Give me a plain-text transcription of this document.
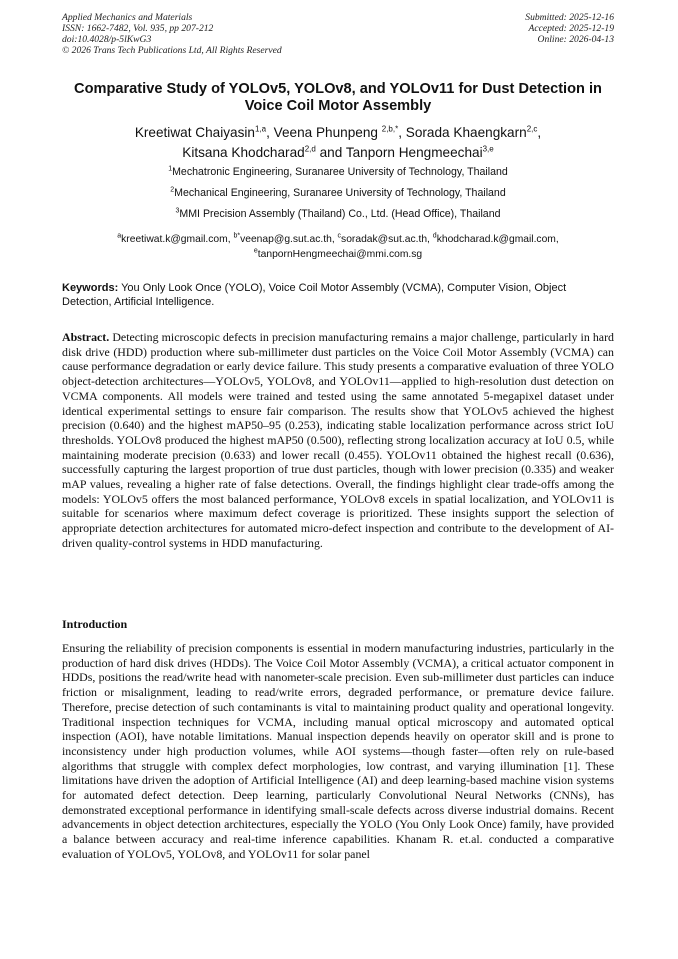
Applied Mechanics and Materials
ISSN: 1662-7482, Vol. 935, pp 207-212
doi:10.4028/p-5lKwG3
© 2026 Trans Tech Publications Ltd, All Rights Reserved
Submitted: 2025-12-16
Accepted: 2025-12-19
Online: 2026-04-13
Comparative Study of YOLOv5, YOLOv8, and YOLOv11 for Dust Detection in Voice Coil Motor Assembly
Kreetiwat Chaiyasin$^{1,a}$, Veena Phunpeng $^{2,b,*}$, Sorada Khaengkarn$^{2,c}$,
Kitsana Khodcharad$^{2,d}$ and Tanporn Hengmeechai$^{3,e}$
$^1$Mechatronic Engineering, Suranaree University of Technology, Thailand
$^2$Mechanical Engineering, Suranaree University of Technology, Thailand
$^3$MMI Precision Assembly (Thailand) Co., Ltd. (Head Office), Thailand
$^a$kreetiwat.k@gmail.com, $^{b*}$veenap@g.sut.ac.th, $^c$soradak@sut.ac.th, $^d$khodcharad.k@gmail.com,
$^e$tanpornHengmeechai@mmi.com.sg
Keywords: You Only Look Once (YOLO), Voice Coil Motor Assembly (VCMA), Computer Vision, Object Detection, Artificial Intelligence.
Abstract. Detecting microscopic defects in precision manufacturing remains a major challenge, particularly in hard disk drive (HDD) production where sub-millimeter dust particles on the Voice Coil Motor Assembly (VCMA) can cause performance degradation or early device failure. This study presents a comparative evaluation of three YOLO object-detection architectures—YOLOv5, YOLOv8, and YOLOv11—applied to high-resolution dust detection on VCMA components. All models were trained and tested using the same annotated 5-megapixel dataset under identical experimental settings to ensure fair comparison. The results show that YOLOv5 achieved the highest precision (0.640) and the highest mAP50–95 (0.253), indicating stable localization performance across strict IoU thresholds. YOLOv8 produced the highest mAP50 (0.500), reflecting strong localization accuracy at IoU 0.5, while maintaining moderate precision (0.633) and lower recall (0.455). YOLOv11 obtained the highest recall (0.636), successfully capturing the largest proportion of true dust particles, though with lower precision (0.335) and weaker mAP values, revealing a higher rate of false detections. Overall, the findings highlight clear trade-offs among the models: YOLOv5 offers the most balanced performance, YOLOv8 excels in spatial localization, and YOLOv11 is suitable for scenarios where maximum defect coverage is prioritized. These insights support the selection of appropriate detection architectures for automated micro-defect inspection and contribute to the development of AI-driven quality-control systems in HDD manufacturing.
Introduction
Ensuring the reliability of precision components is essential in modern manufacturing industries, particularly in the production of hard disk drives (HDDs). The Voice Coil Motor Assembly (VCMA), a critical actuator component in HDDs, positions the read/write head with nanometer-scale precision. Even sub-millimeter dust particles can induce friction or misalignment, leading to read/write errors, degraded performance, or premature device failure. Therefore, precise detection of such contaminants is vital to maintaining product quality and operational longevity. Traditional inspection techniques for VCMA, including manual optical microscopy and automated optical inspection (AOI), have notable limitations. Manual inspection depends heavily on operator skill and is prone to inconsistency under high production volumes, while AOI systems—though faster—often rely on rule-based algorithms that struggle with complex defect morphologies, low contrast, and varying illumination [1]. These limitations have driven the adoption of Artificial Intelligence (AI) and deep learning-based machine vision systems for automated defect detection. Deep learning, particularly Convolutional Neural Networks (CNNs), has demonstrated exceptional performance in identifying small-scale defects across diverse industrial domains. Recent advancements in object detection architectures, especially the YOLO (You Only Look Once) family, have provided a balance between accuracy and real-time inference capabilities. Khanam R. et.al. conducted a comparative evaluation of YOLOv5, YOLOv8, and YOLOv11 for solar panel
